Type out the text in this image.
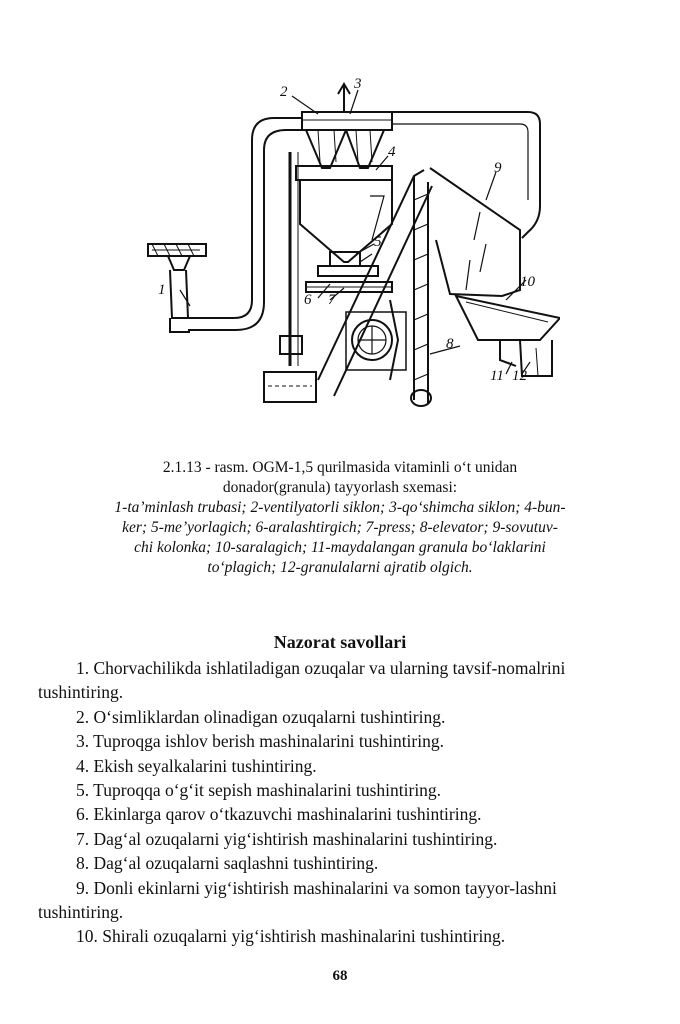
2	3
4
5
6 7
8
9
10
1
11 12
2.1.13 - rasm. OGM-1,5 qurilmasida vitaminli o‘t unidan
donador(granula) tayyorlash sxemasi:
1-ta’minlash trubasi; 2-ventilyatorli siklon; 3-qo‘shimcha siklon; 4-bun-
ker; 5-me’yorlagich; 6-aralashtirgich; 7-press; 8-elevator; 9-sovutuv-
chi kolonka; 10-saralagich; 11-maydalangan granula bo‘laklarini
to‘plagich; 12-granulalarni ajratib olgich.
Nazorat savollari

1. Chorvachilikda ishlatiladigan ozuqalar va ularning tavsif-nomalrini tushintiring.

2. O‘simliklardan olinadigan ozuqalarni tushintiring.

3. Tuproqga ishlov berish mashinalarini tushintiring.

4. Ekish seyalkalarini tushintiring.

5. Tuproqqa o‘g‘it sepish mashinalarini tushintiring.

6. Ekinlarga qarov o‘tkazuvchi mashinalarini tushintiring.

7. Dag‘al ozuqalarni yig‘ishtirish mashinalarini tushintiring.

8. Dag‘al ozuqalarni saqlashni tushintiring.

9. Donli ekinlarni yig‘ishtirish mashinalarini va somon tayyor-lashni tushintiring.

10. Shirali ozuqalarni yig‘ishtirish mashinalarini tushintiring.

68
